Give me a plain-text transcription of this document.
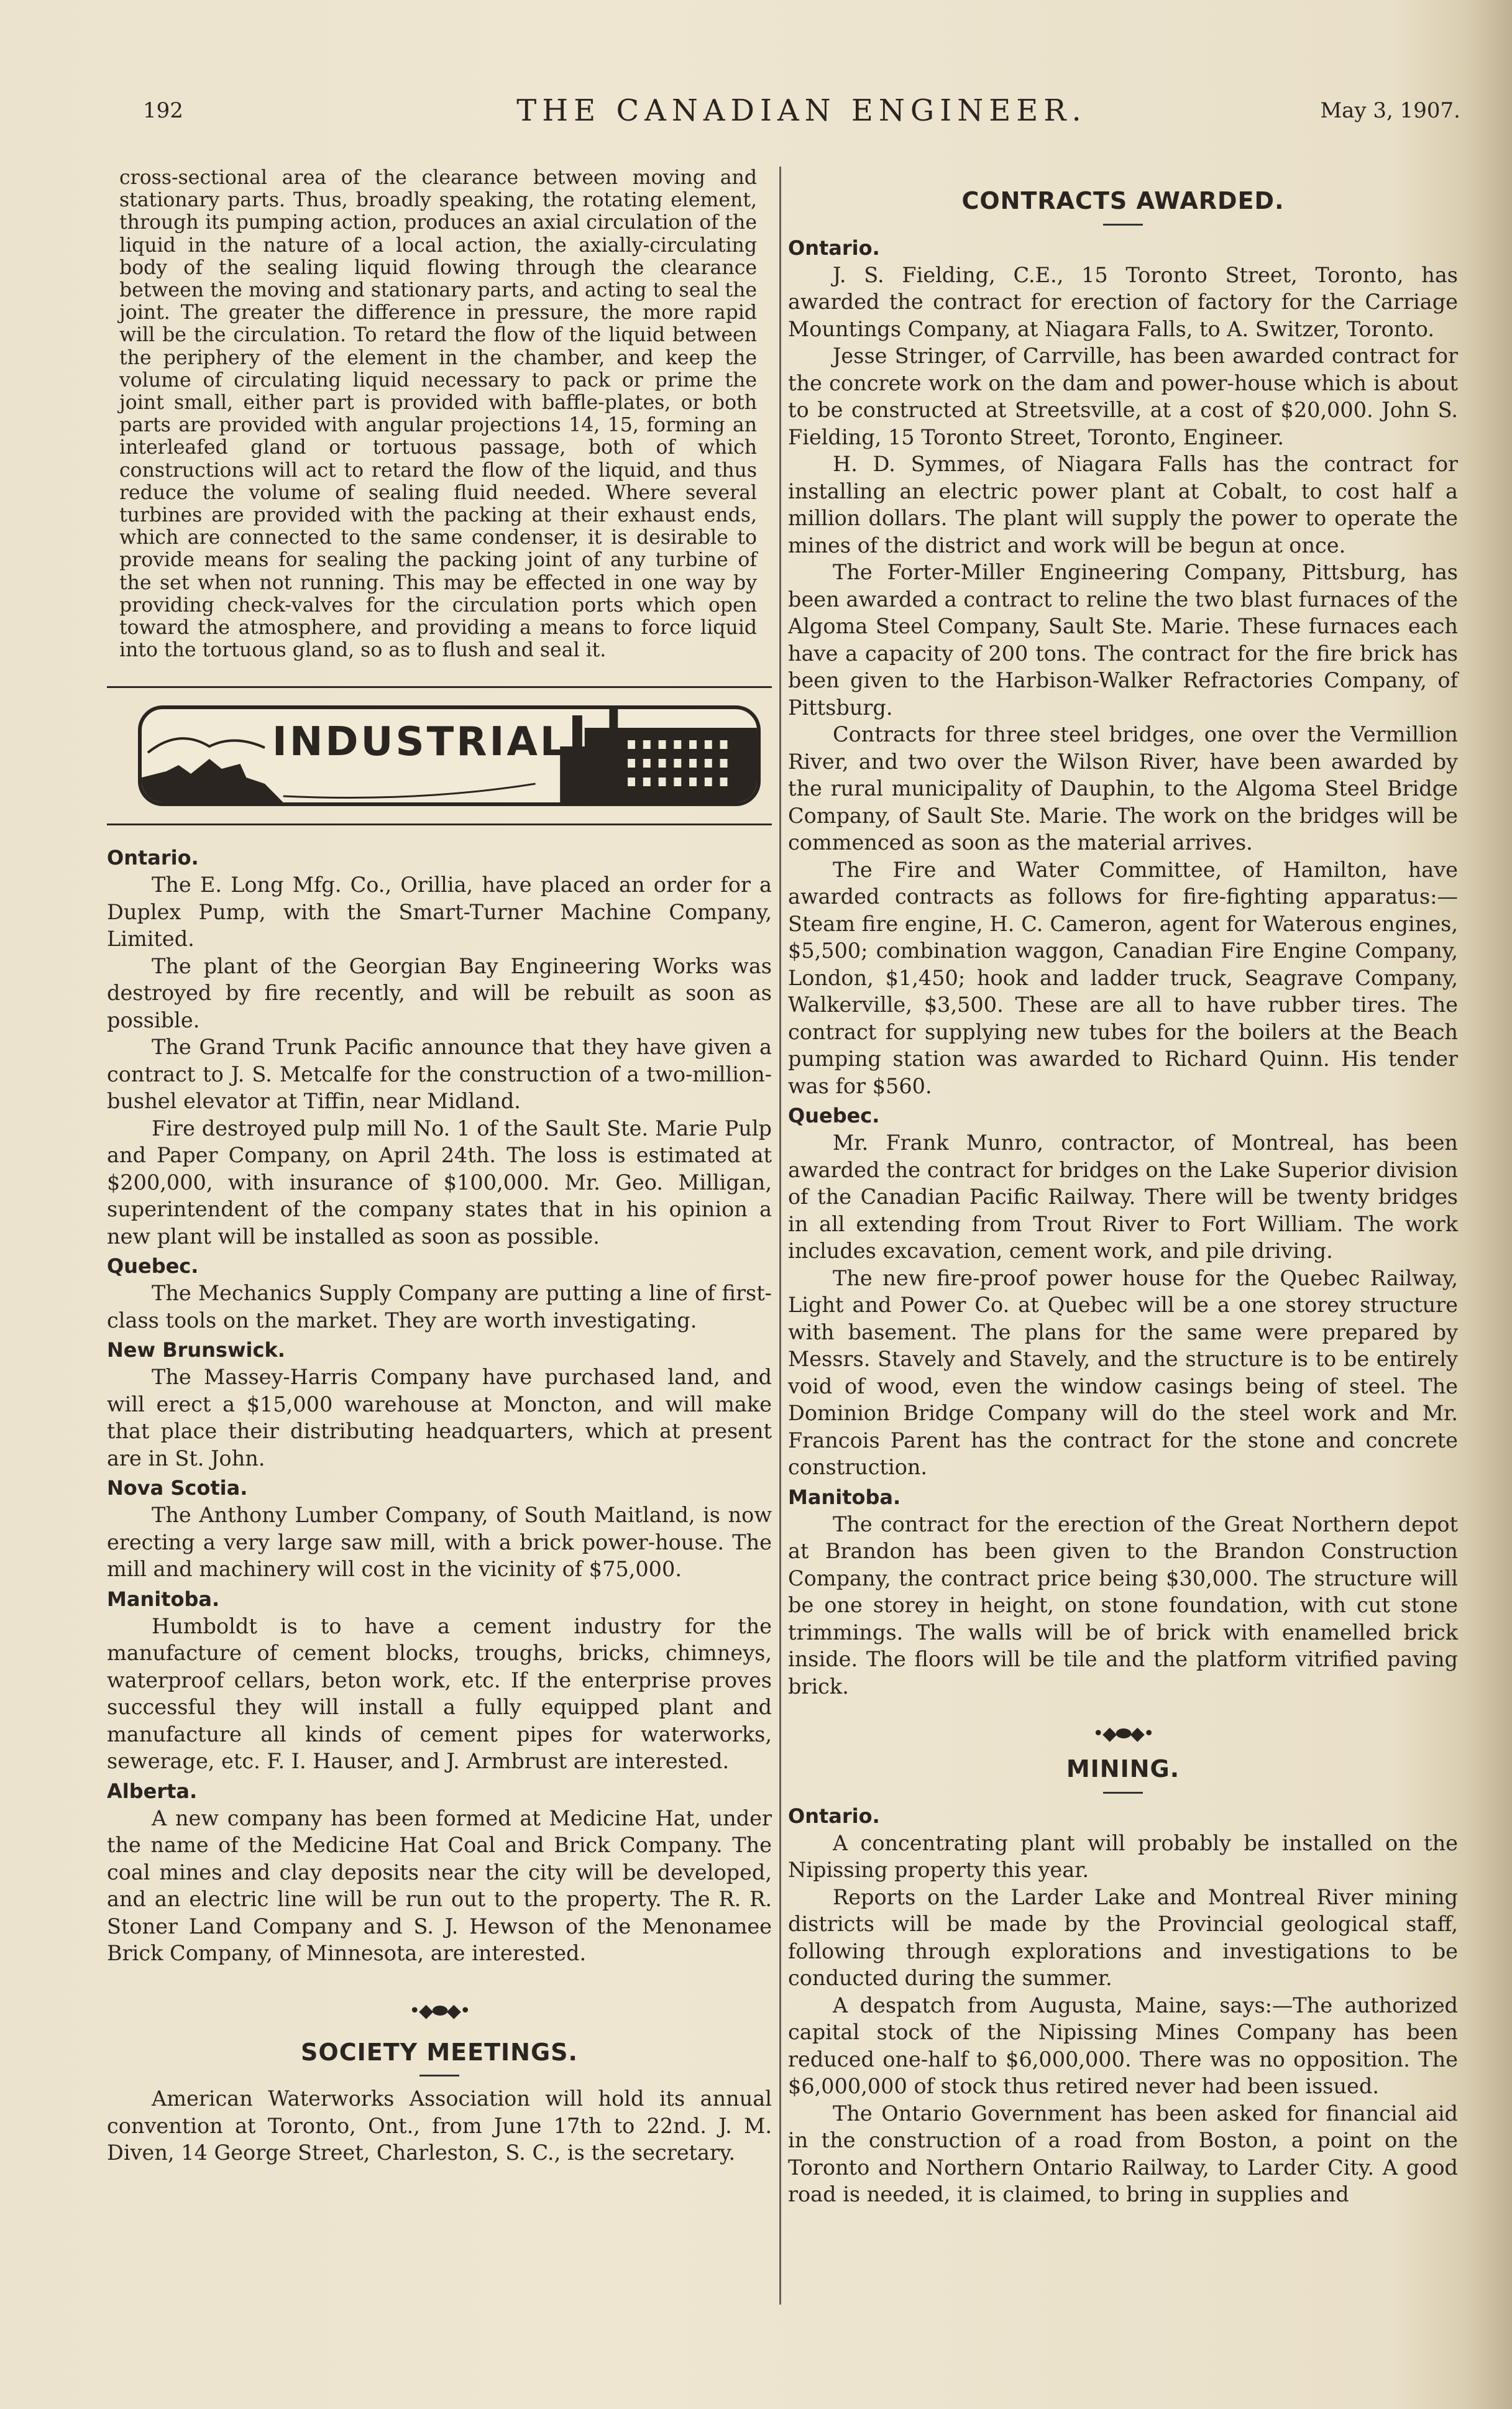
192	THE CANADIAN ENGINEER.	May 3, 1907.

cross-sectional area of the clearance between moving and stationary parts. Thus, broadly speaking, the rotating element, through its pumping action, produces an axial circulation of the liquid in the nature of a local action, the axially-circulating body of the sealing liquid flowing through the clearance between the moving and stationary parts, and acting to seal the joint. The greater the difference in pressure, the more rapid will be the circulation. To retard the flow of the liquid between the periphery of the element in the chamber, and keep the volume of circulating liquid necessary to pack or prime the joint small, either part is provided with baffle-plates, or both parts are provided with angular projections 14, 15, forming an interleafed gland or tortuous passage, both of which constructions will act to retard the flow of the liquid, and thus reduce the volume of sealing fluid needed. Where several turbines are provided with the packing at their exhaust ends, which are connected to the same condenser, it is desirable to provide means for sealing the packing joint of any turbine of the set when not running. This may be effected in one way by providing check-valves for the circulation ports which open toward the atmosphere, and providing a means to force liquid into the tortuous gland, so as to flush and seal it.

INDUSTRIAL
Ontario.

The E. Long Mfg. Co., Orillia, have placed an order for a Duplex Pump, with the Smart-Turner Machine Company, Limited.

The plant of the Georgian Bay Engineering Works was destroyed by fire recently, and will be rebuilt as soon as possible.

The Grand Trunk Pacific announce that they have given a contract to J. S. Metcalfe for the construction of a two-million-bushel elevator at Tiffin, near Midland.

Fire destroyed pulp mill No. 1 of the Sault Ste. Marie Pulp and Paper Company, on April 24th. The loss is estimated at $200,000, with insurance of $100,000. Mr. Geo. Milligan, superintendent of the company states that in his opinion a new plant will be installed as soon as possible.

Quebec.

The Mechanics Supply Company are putting a line of first-class tools on the market. They are worth investigating.

New Brunswick.

The Massey-Harris Company have purchased land, and will erect a $15,000 warehouse at Moncton, and will make that place their distributing headquarters, which at present are in St. John.

Nova Scotia.

The Anthony Lumber Company, of South Maitland, is now erecting a very large saw mill, with a brick power-house. The mill and machinery will cost in the vicinity of $75,000.

Manitoba.

Humboldt is to have a cement industry for the manufacture of cement blocks, troughs, bricks, chimneys, waterproof cellars, beton work, etc. If the enterprise proves successful they will install a fully equipped plant and manufacture all kinds of cement pipes for waterworks, sewerage, etc. F. I. Hauser, and J. Armbrust are interested.

Alberta.

A new company has been formed at Medicine Hat, under the name of the Medicine Hat Coal and Brick Company. The coal mines and clay deposits near the city will be developed, and an electric line will be run out to the property. The R. R. Stoner Land Company and S. J. Hewson of the Menonamee Brick Company, of Minnesota, are interested.

•◆⬬◆•
SOCIETY MEETINGS.

American Waterworks Association will hold its annual convention at Toronto, Ont., from June 17th to 22nd. J. M. Diven, 14 George Street, Charleston, S. C., is the secretary.

CONTRACTS AWARDED.
Ontario.

J. S. Fielding, C.E., 15 Toronto Street, Toronto, has awarded the contract for erection of factory for the Carriage Mountings Company, at Niagara Falls, to A. Switzer, Toronto.

Jesse Stringer, of Carrville, has been awarded contract for the concrete work on the dam and power-house which is about to be constructed at Streetsville, at a cost of $20,000. John S. Fielding, 15 Toronto Street, Toronto, Engineer.

H. D. Symmes, of Niagara Falls has the contract for installing an electric power plant at Cobalt, to cost half a million dollars. The plant will supply the power to operate the mines of the district and work will be begun at once.

The Forter-Miller Engineering Company, Pittsburg, has been awarded a contract to reline the two blast furnaces of the Algoma Steel Company, Sault Ste. Marie. These furnaces each have a capacity of 200 tons. The contract for the fire brick has been given to the Harbison-Walker Refractories Company, of Pittsburg.

Contracts for three steel bridges, one over the Vermillion River, and two over the Wilson River, have been awarded by the rural municipality of Dauphin, to the Algoma Steel Bridge Company, of Sault Ste. Marie. The work on the bridges will be commenced as soon as the material arrives.

The Fire and Water Committee, of Hamilton, have awarded contracts as follows for fire-fighting apparatus:—Steam fire engine, H. C. Cameron, agent for Waterous engines, $5,500; combination waggon, Canadian Fire Engine Company, London, $1,450; hook and ladder truck, Seagrave Company, Walkerville, $3,500. These are all to have rubber tires. The contract for supplying new tubes for the boilers at the Beach pumping station was awarded to Richard Quinn. His tender was for $560.

Quebec.

Mr. Frank Munro, contractor, of Montreal, has been awarded the contract for bridges on the Lake Superior division of the Canadian Pacific Railway. There will be twenty bridges in all extending from Trout River to Fort William. The work includes excavation, cement work, and pile driving.

The new fire-proof power house for the Quebec Railway, Light and Power Co. at Quebec will be a one storey structure with basement. The plans for the same were prepared by Messrs. Stavely and Stavely, and the structure is to be entirely void of wood, even the window casings being of steel. The Dominion Bridge Company will do the steel work and Mr. Francois Parent has the contract for the stone and concrete construction.

Manitoba.

The contract for the erection of the Great Northern depot at Brandon has been given to the Brandon Construction Company, the contract price being $30,000. The structure will be one storey in height, on stone foundation, with cut stone trimmings. The walls will be of brick with enamelled brick inside. The floors will be tile and the platform vitrified paving brick.

•◆⬬◆•
MINING.
Ontario.

A concentrating plant will probably be installed on the Nipissing property this year.

Reports on the Larder Lake and Montreal River mining districts will be made by the Provincial geological staff, following through explorations and investigations to be conducted during the summer.

A despatch from Augusta, Maine, says:—The authorized capital stock of the Nipissing Mines Company has been reduced one-half to $6,000,000. There was no opposition. The $6,000,000 of stock thus retired never had been issued.

The Ontario Government has been asked for financial aid in the construction of a road from Boston, a point on the Toronto and Northern Ontario Railway, to Larder City. A good road is needed, it is claimed, to bring in supplies and
